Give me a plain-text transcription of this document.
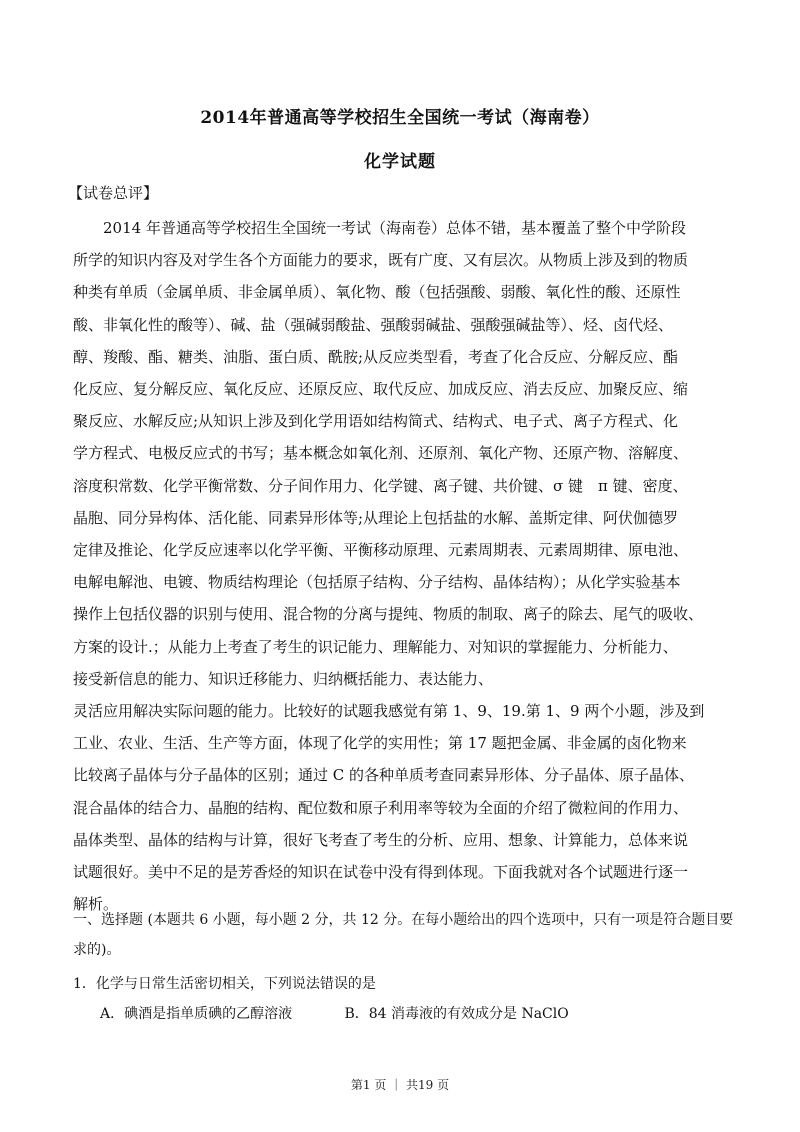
2014年普通高等学校招生全国统一考试（海南卷）
化学试题
【试卷总评】
2014 年普通高等学校招生全国统一考试（海南卷）总体不错，基本覆盖了整个中学阶段
所学的知识内容及对学生各个方面能力的要求，既有广度、又有层次。从物质上涉及到的物质
种类有单质（金属单质、非金属单质）、氧化物、酸（包括强酸、弱酸、氧化性的酸、还原性
酸、非氧化性的酸等）、碱、盐（强碱弱酸盐、强酸弱碱盐、强酸强碱盐等）、烃、卤代烃、
醇、羧酸、酯、糖类、油脂、蛋白质、酰胺;从反应类型看，考查了化合反应、分解反应、酯
化反应、复分解反应、氧化反应、还原反应、取代反应、加成反应、消去反应、加聚反应、缩
聚反应、水解反应;从知识上涉及到化学用语如结构简式、结构式、电子式、离子方程式、化
学方程式、电极反应式的书写；基本概念如氧化剂、还原剂、氧化产物、还原产物、溶解度、
溶度积常数、化学平衡常数、分子间作用力、化学键、离子键、共价键、σ 键　π 键、密度、
晶胞、同分异构体、活化能、同素异形体等;从理论上包括盐的水解、盖斯定律、阿伏伽德罗
定律及推论、化学反应速率以化学平衡、平衡移动原理、元素周期表、元素周期律、原电池、
电解电解池、电镀、物质结构理论（包括原子结构、分子结构、晶体结构）；从化学实验基本
操作上包括仪器的识别与使用、混合物的分离与提纯、物质的制取、离子的除去、尾气的吸收、
方案的设计.；从能力上考查了考生的识记能力、理解能力、对知识的掌握能力、分析能力、
接受新信息的能力、知识迁移能力、归纳概括能力、表达能力、
灵活应用解决实际问题的能力。比较好的试题我感觉有第 1、9、19.第 1、9 两个小题，涉及到
工业、农业、生活、生产等方面，体现了化学的实用性；第 17 题把金属、非金属的卤化物来
比较离子晶体与分子晶体的区别；通过 C 的各种单质考查同素异形体、分子晶体、原子晶体、
混合晶体的结合力、晶胞的结构、配位数和原子利用率等较为全面的介绍了微粒间的作用力、
晶体类型、晶体的结构与计算，很好飞考查了考生的分析、应用、想象、计算能力，总体来说
试题很好。美中不足的是芳香烃的知识在试卷中没有得到体现。下面我就对各个试题进行逐一
解析。
一、选择题 (本题共 6 小题，每小题 2 分，共 12 分。在每小题给出的四个选项中，只有一项是符合题目要
求的)。
1．化学与日常生活密切相关，下列说法错误的是
A．碘酒是指单质碘的乙醇溶液	B．84 消毒液的有效成分是 NaClO
第1 页 ｜ 共19 页
